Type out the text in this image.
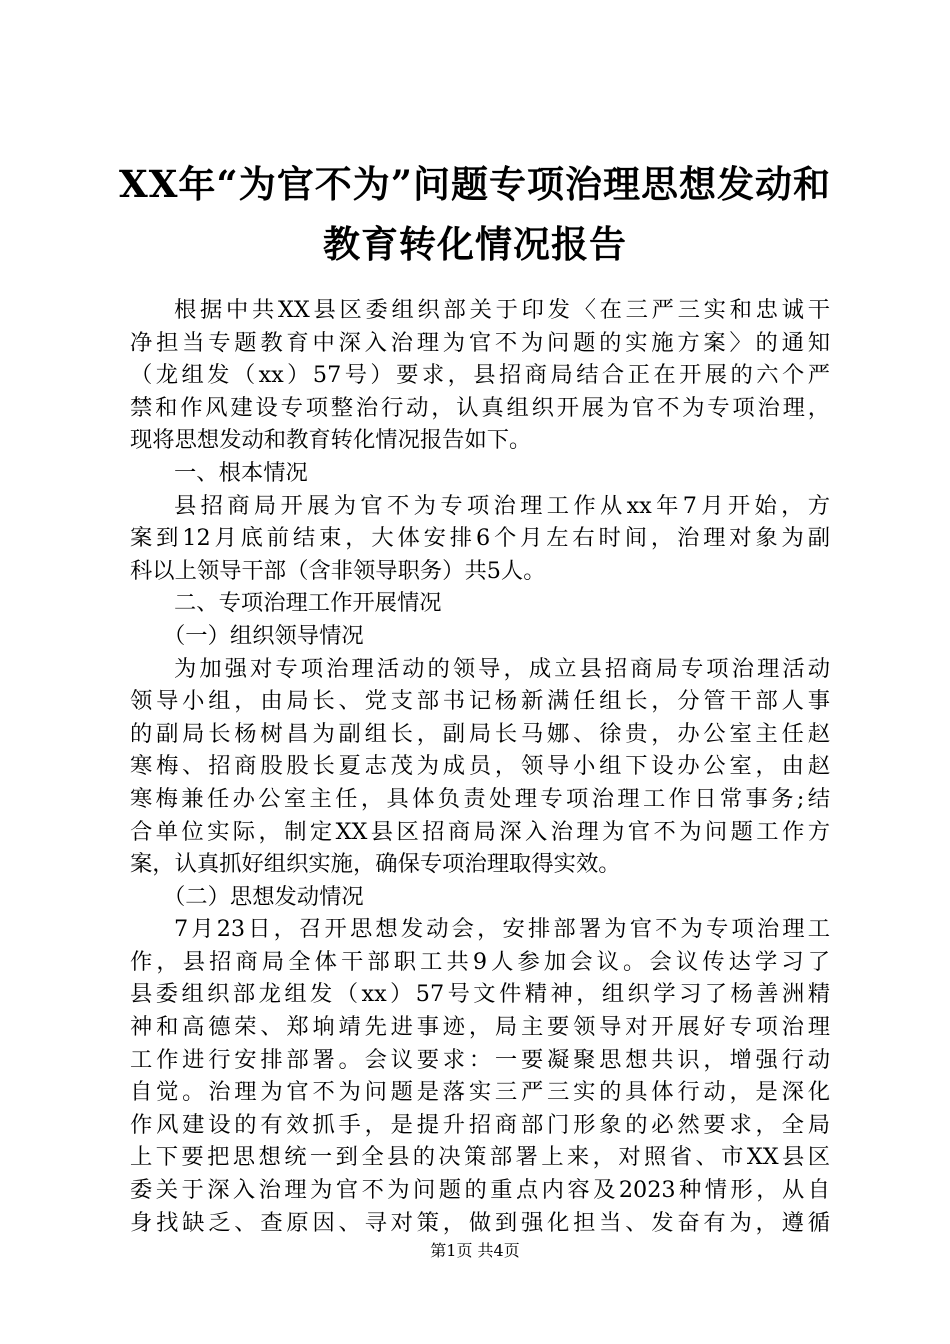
XX年“为官不为”问题专项治理思想发动和
教育转化情况报告
根据中共XX县区委组织部关于印发〈在三严三实和忠诚干
净担当专题教育中深入治理为官不为问题的实施方案〉的通知
（龙组发（xx）57号）要求，县招商局结合正在开展的六个严
禁和作风建设专项整治行动，认真组织开展为官不为专项治理，
现将思想发动和教育转化情况报告如下。
一、根本情况
县招商局开展为官不为专项治理工作从xx年7月开始，方
案到12月底前结束，大体安排6个月左右时间，治理对象为副
科以上领导干部（含非领导职务）共5人。
二、专项治理工作开展情况
（一）组织领导情况
为加强对专项治理活动的领导，成立县招商局专项治理活动
领导小组，由局长、党支部书记杨新满任组长，分管干部人事
的副局长杨树昌为副组长，副局长马娜、徐贵，办公室主任赵
寒梅、招商股股长夏志茂为成员，领导小组下设办公室，由赵
寒梅兼任办公室主任，具体负责处理专项治理工作日常事务;结
合单位实际，制定XX县区招商局深入治理为官不为问题工作方
案，认真抓好组织实施，确保专项治理取得实效。
（二）思想发动情况
7月23日，召开思想发动会，安排部署为官不为专项治理工
作，县招商局全体干部职工共9人参加会议。会议传达学习了
县委组织部龙组发（xx）57号文件精神，组织学习了杨善洲精
神和高德荣、郑垧靖先进事迹，局主要领导对开展好专项治理
工作进行安排部署。会议要求：一要凝聚思想共识，增强行动
自觉。治理为官不为问题是落实三严三实的具体行动，是深化
作风建设的有效抓手，是提升招商部门形象的必然要求，全局
上下要把思想统一到全县的决策部署上来，对照省、市XX县区
委关于深入治理为官不为问题的重点内容及2023种情形，从自
身找缺乏、查原因、寻对策，做到强化担当、发奋有为，遵循
第1页 共4页
